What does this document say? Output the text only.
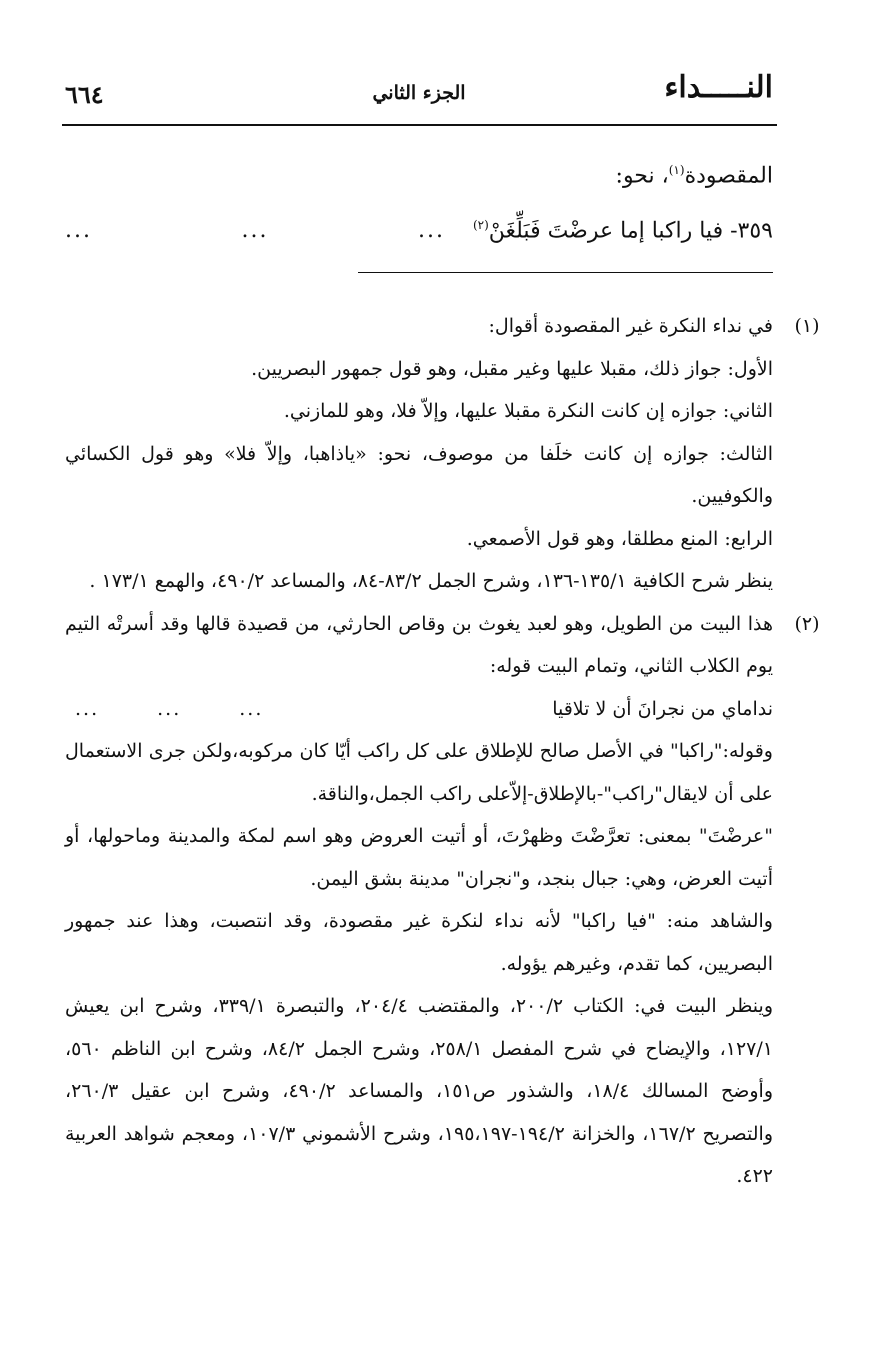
النـــــداء
الجزء الثاني
٦٦٤
المقصودة$^{(١)}$، نحو:
٣٥٩- فيا راكبا إما عرضْتَ فَبَلِّغَنْ$^{(٢)}$
...	...	...
(١)

في نداء النكرة غير المقصودة أقوال:

الأول: جواز ذلك، مقبلا عليها وغير مقبل، وهو قول جمهور البصريين.

الثاني: جوازه إن كانت النكرة مقبلا عليها، وإلاّ فلا، وهو للمازني.

الثالث: جوازه إن كانت خلَفا من موصوف، نحو: «ياذاهبا، وإلاّ فلا» وهو قول الكسائي والكوفيين.

الرابع: المنع مطلقا، وهو قول الأصمعي.

ينظر شرح الكافية ١٣٥/١-١٣٦، وشرح الجمل ٨٣/٢-٨٤، والمساعد ٤٩٠/٢، والهمع ١٧٣/١ .

(٢)

هذا البيت من الطويل، وهو لعبد يغوث بن وقاص الحارثي، من قصيدة قالها وقد أسرتْه التيم يوم الكلاب الثاني، وتمام البيت قوله:

نداماي من نجرانَ أن لا تلاقيا
...	...	...

وقوله:"راكبا" في الأصل صالح للإطلاق على كل راكب أيّا كان مركوبه،ولكن جرى الاستعمال على أن لايقال"راكب"-بالإطلاق-إلاّعلى راكب الجمل،والناقة.

"عرضْتَ" بمعنى: تعرَّضْتَ وظهرْتَ، أو أتيت العروض وهو اسم لمكة والمدينة وماحولها، أو أتيت العرض، وهي: جبال بنجد، و"نجران" مدينة بشق اليمن.

والشاهد منه: "فيا راكبا" لأنه نداء لنكرة غير مقصودة، وقد انتصبت، وهذا عند جمهور البصريين، كما تقدم، وغيرهم يؤوله.

وينظر البيت في: الكتاب ٢٠٠/٢، والمقتضب ٢٠٤/٤، والتبصرة ٣٣٩/١، وشرح ابن يعيش ١٢٧/١، والإيضاح في شرح المفصل ٢٥٨/١، وشرح الجمل ٨٤/٢، وشرح ابن الناظم ٥٦٠، وأوضح المسالك ١٨/٤، والشذور ص١٥١، والمساعد ٤٩٠/٢، وشرح ابن عقيل ٢٦٠/٣، والتصريح ١٦٧/٢، والخزانة ١٩٤/٢-١٩٥،١٩٧، وشرح الأشموني ١٠٧/٣، ومعجم شواهد العربية ٤٢٢.
